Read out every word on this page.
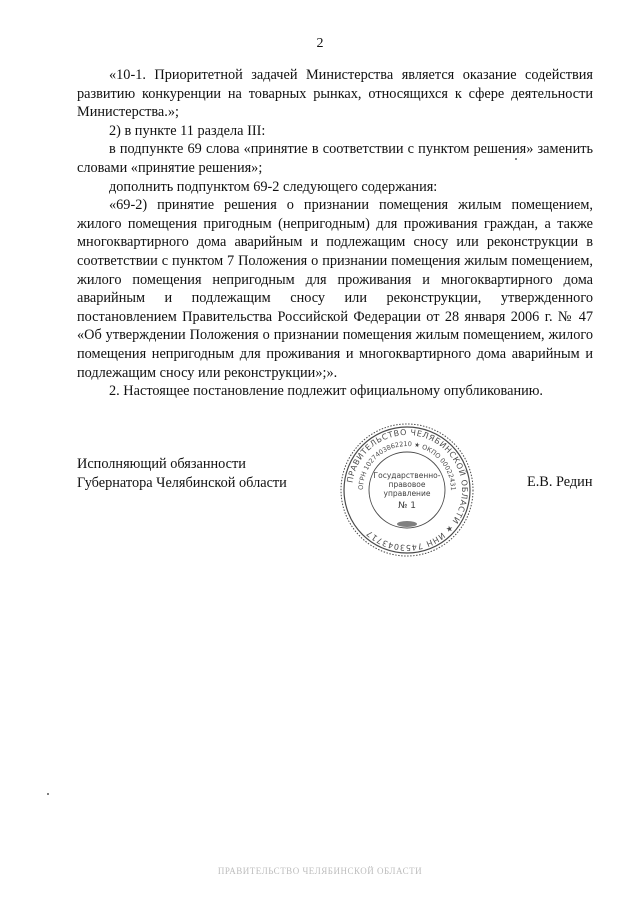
2

«10-1. Приоритетной задачей Министерства является оказание содействия развитию конкуренции на товарных рынках, относящихся к сфере деятельности Министерства.»;

2) в пункте 11 раздела III:

в подпункте 69 слова «принятие в соответствии с пунктом решения» заменить словами «принятие решения»;

дополнить подпунктом 69-2 следующего содержания:

«69-2) принятие решения о признании помещения жилым помещением, жилого помещения пригодным (непригодным) для проживания граждан, а также многоквартирного дома аварийным и подлежащим сносу или реконструкции в соответствии с пунктом 7 Положения о признании помещения жилым помещением, жилого помещения непригодным для проживания и многоквартирного дома аварийным и подлежащим сносу или реконструкции, утвержденного постановлением Правительства Российской Федерации от 28 января 2006 г. № 47 «Об утверждении Положения о признании помещения жилым помещением, жилого помещения непригодным для проживания и многоквартирного дома аварийным и подлежащим сносу или реконструкции»;».

2. Настоящее постановление подлежит официальному опубликованию.

Исполняющий обязанности
Губернатора Челябинской области	Е.В. Редин
ПРАВИТЕЛЬСТВО ЧЕЛЯБИНСКОЙ ОБЛАСТИ ★ ИНН 7453043717
ОГРН 1027403862210 ★ ОКПО 00022431
Государственно-
правовое
управление
№ 1
ПРАВИТЕЛЬСТВО ЧЕЛЯБИНСКОЙ ОБЛАСТИ
